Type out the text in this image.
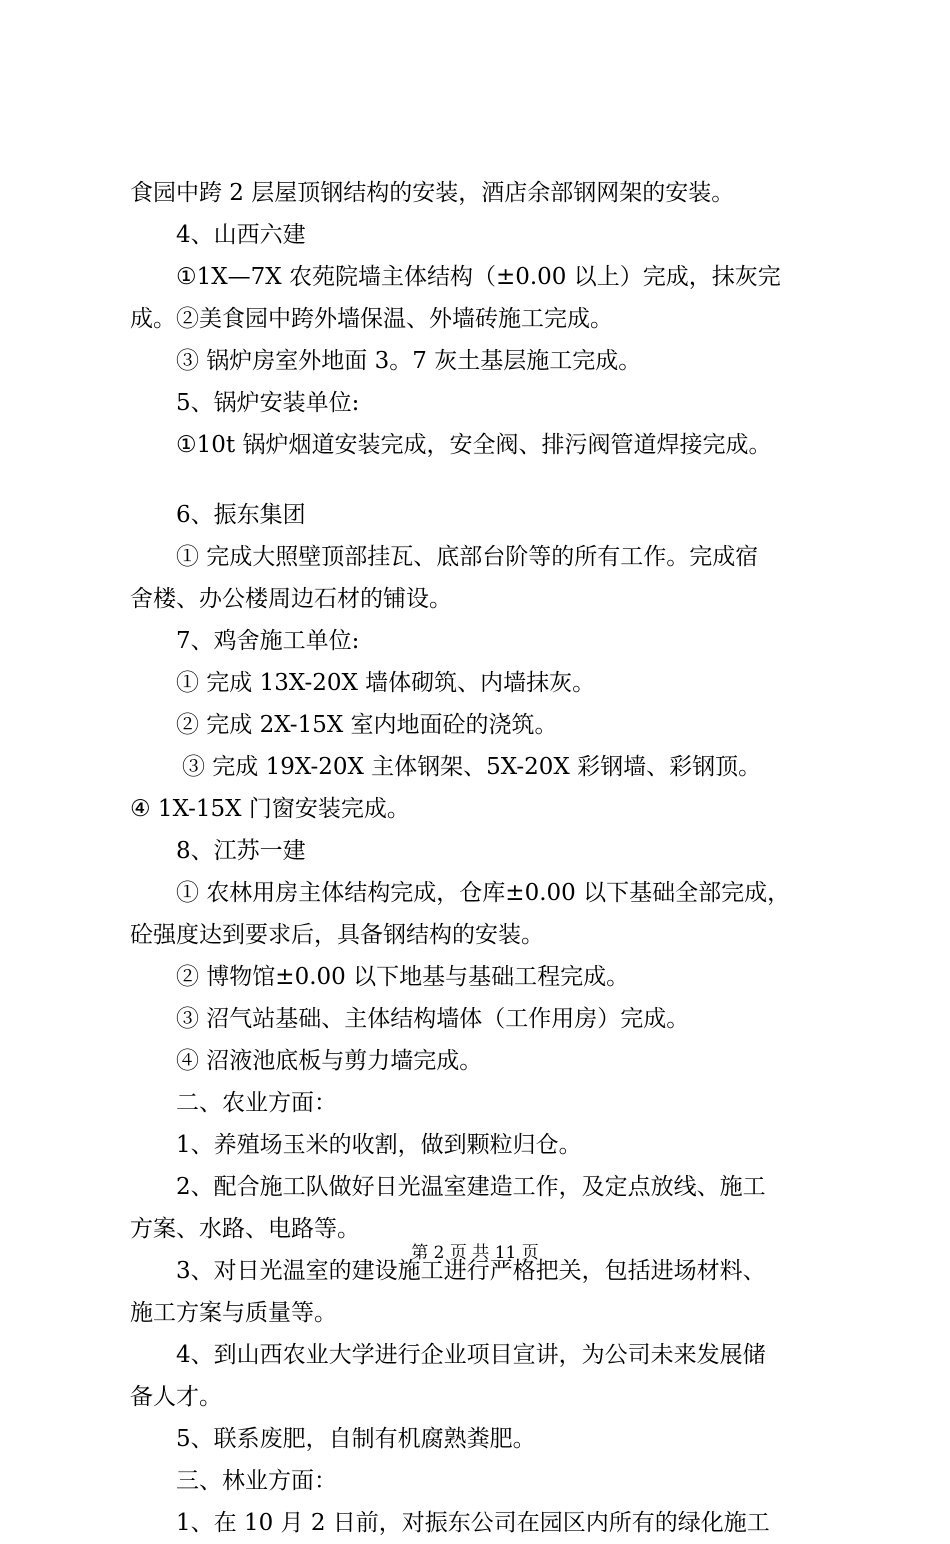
食园中跨 2 层屋顶钢结构的安装，酒店余部钢网架的安装。
4、山西六建
①1X—7X 农苑院墙主体结构（±0.00 以上）完成，抹灰完
成。②美食园中跨外墙保温、外墙砖施工完成。
③ 锅炉房室外地面 3。7 灰土基层施工完成。
5、锅炉安装单位:
①10t 锅炉烟道安装完成，安全阀、排污阀管道焊接完成。
6、振东集团
① 完成大照壁顶部挂瓦、底部台阶等的所有工作。完成宿
舍楼、办公楼周边石材的铺设。
7、鸡舍施工单位:
① 完成 13X-20X 墙体砌筑、内墙抹灰。
② 完成 2X-15X 室内地面砼的浇筑。
③ 完成 19X-20X 主体钢架、5X-20X 彩钢墙、彩钢顶。
④ 1X-15X 门窗安装完成。
8、江苏一建
① 农林用房主体结构完成，仓库±0.00 以下基础全部完成，
砼强度达到要求后，具备钢结构的安装。
② 博物馆±0.00 以下地基与基础工程完成。
③ 沼气站基础、主体结构墙体（工作用房）完成。
④ 沼液池底板与剪力墙完成。
二、农业方面：
1、养殖场玉米的收割，做到颗粒归仓。
2、配合施工队做好日光温室建造工作，及定点放线、施工
方案、水路、电路等。
3、对日光温室的建设施工进行严格把关，包括进场材料、
施工方案与质量等。
4、到山西农业大学进行企业项目宣讲，为公司未来发展储
备人才。
5、联系废肥，自制有机腐熟粪肥。
三、林业方面：
1、在 10 月 2 日前，对振东公司在园区内所有的绿化施工
第 2 页 共 11 页
